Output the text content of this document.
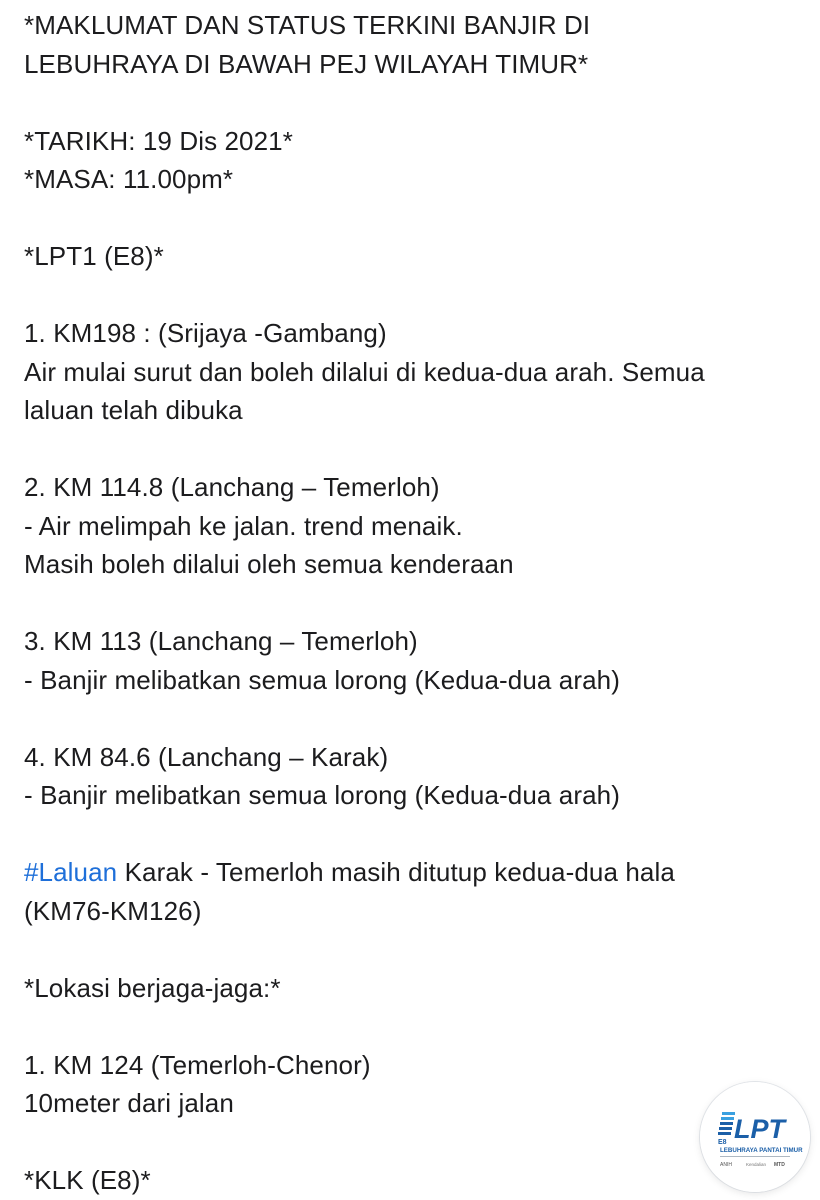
*MAKLUMAT DAN STATUS TERKINI BANJIR DI
LEBUHRAYA DI BAWAH PEJ WILAYAH TIMUR*
*TARIKH: 19 Dis 2021*
*MASA: 11.00pm*
*LPT1 (E8)*
1. KM198 : (Srijaya -Gambang)
Air mulai surut dan boleh dilalui di kedua-dua arah. Semua
laluan telah dibuka
2. KM 114.8 (Lanchang – Temerloh)
- Air melimpah ke jalan. trend menaik.
Masih boleh dilalui oleh semua kenderaan
3. KM 113 (Lanchang – Temerloh)
- Banjir melibatkan semua lorong (Kedua-dua arah)
4. KM 84.6 (Lanchang – Karak)
- Banjir melibatkan semua lorong (Kedua-dua arah)
#Laluan Karak - Temerloh masih ditutup kedua-dua hala
(KM76-KM126)
*Lokasi berjaga-jaga:*
1. KM 124 (Temerloh-Chenor)
10meter dari jalan
*KLK (E8)*
E8 LPT
LEBUHRAYA PANTAI TIMUR
ANIH	Kendalian MTD
